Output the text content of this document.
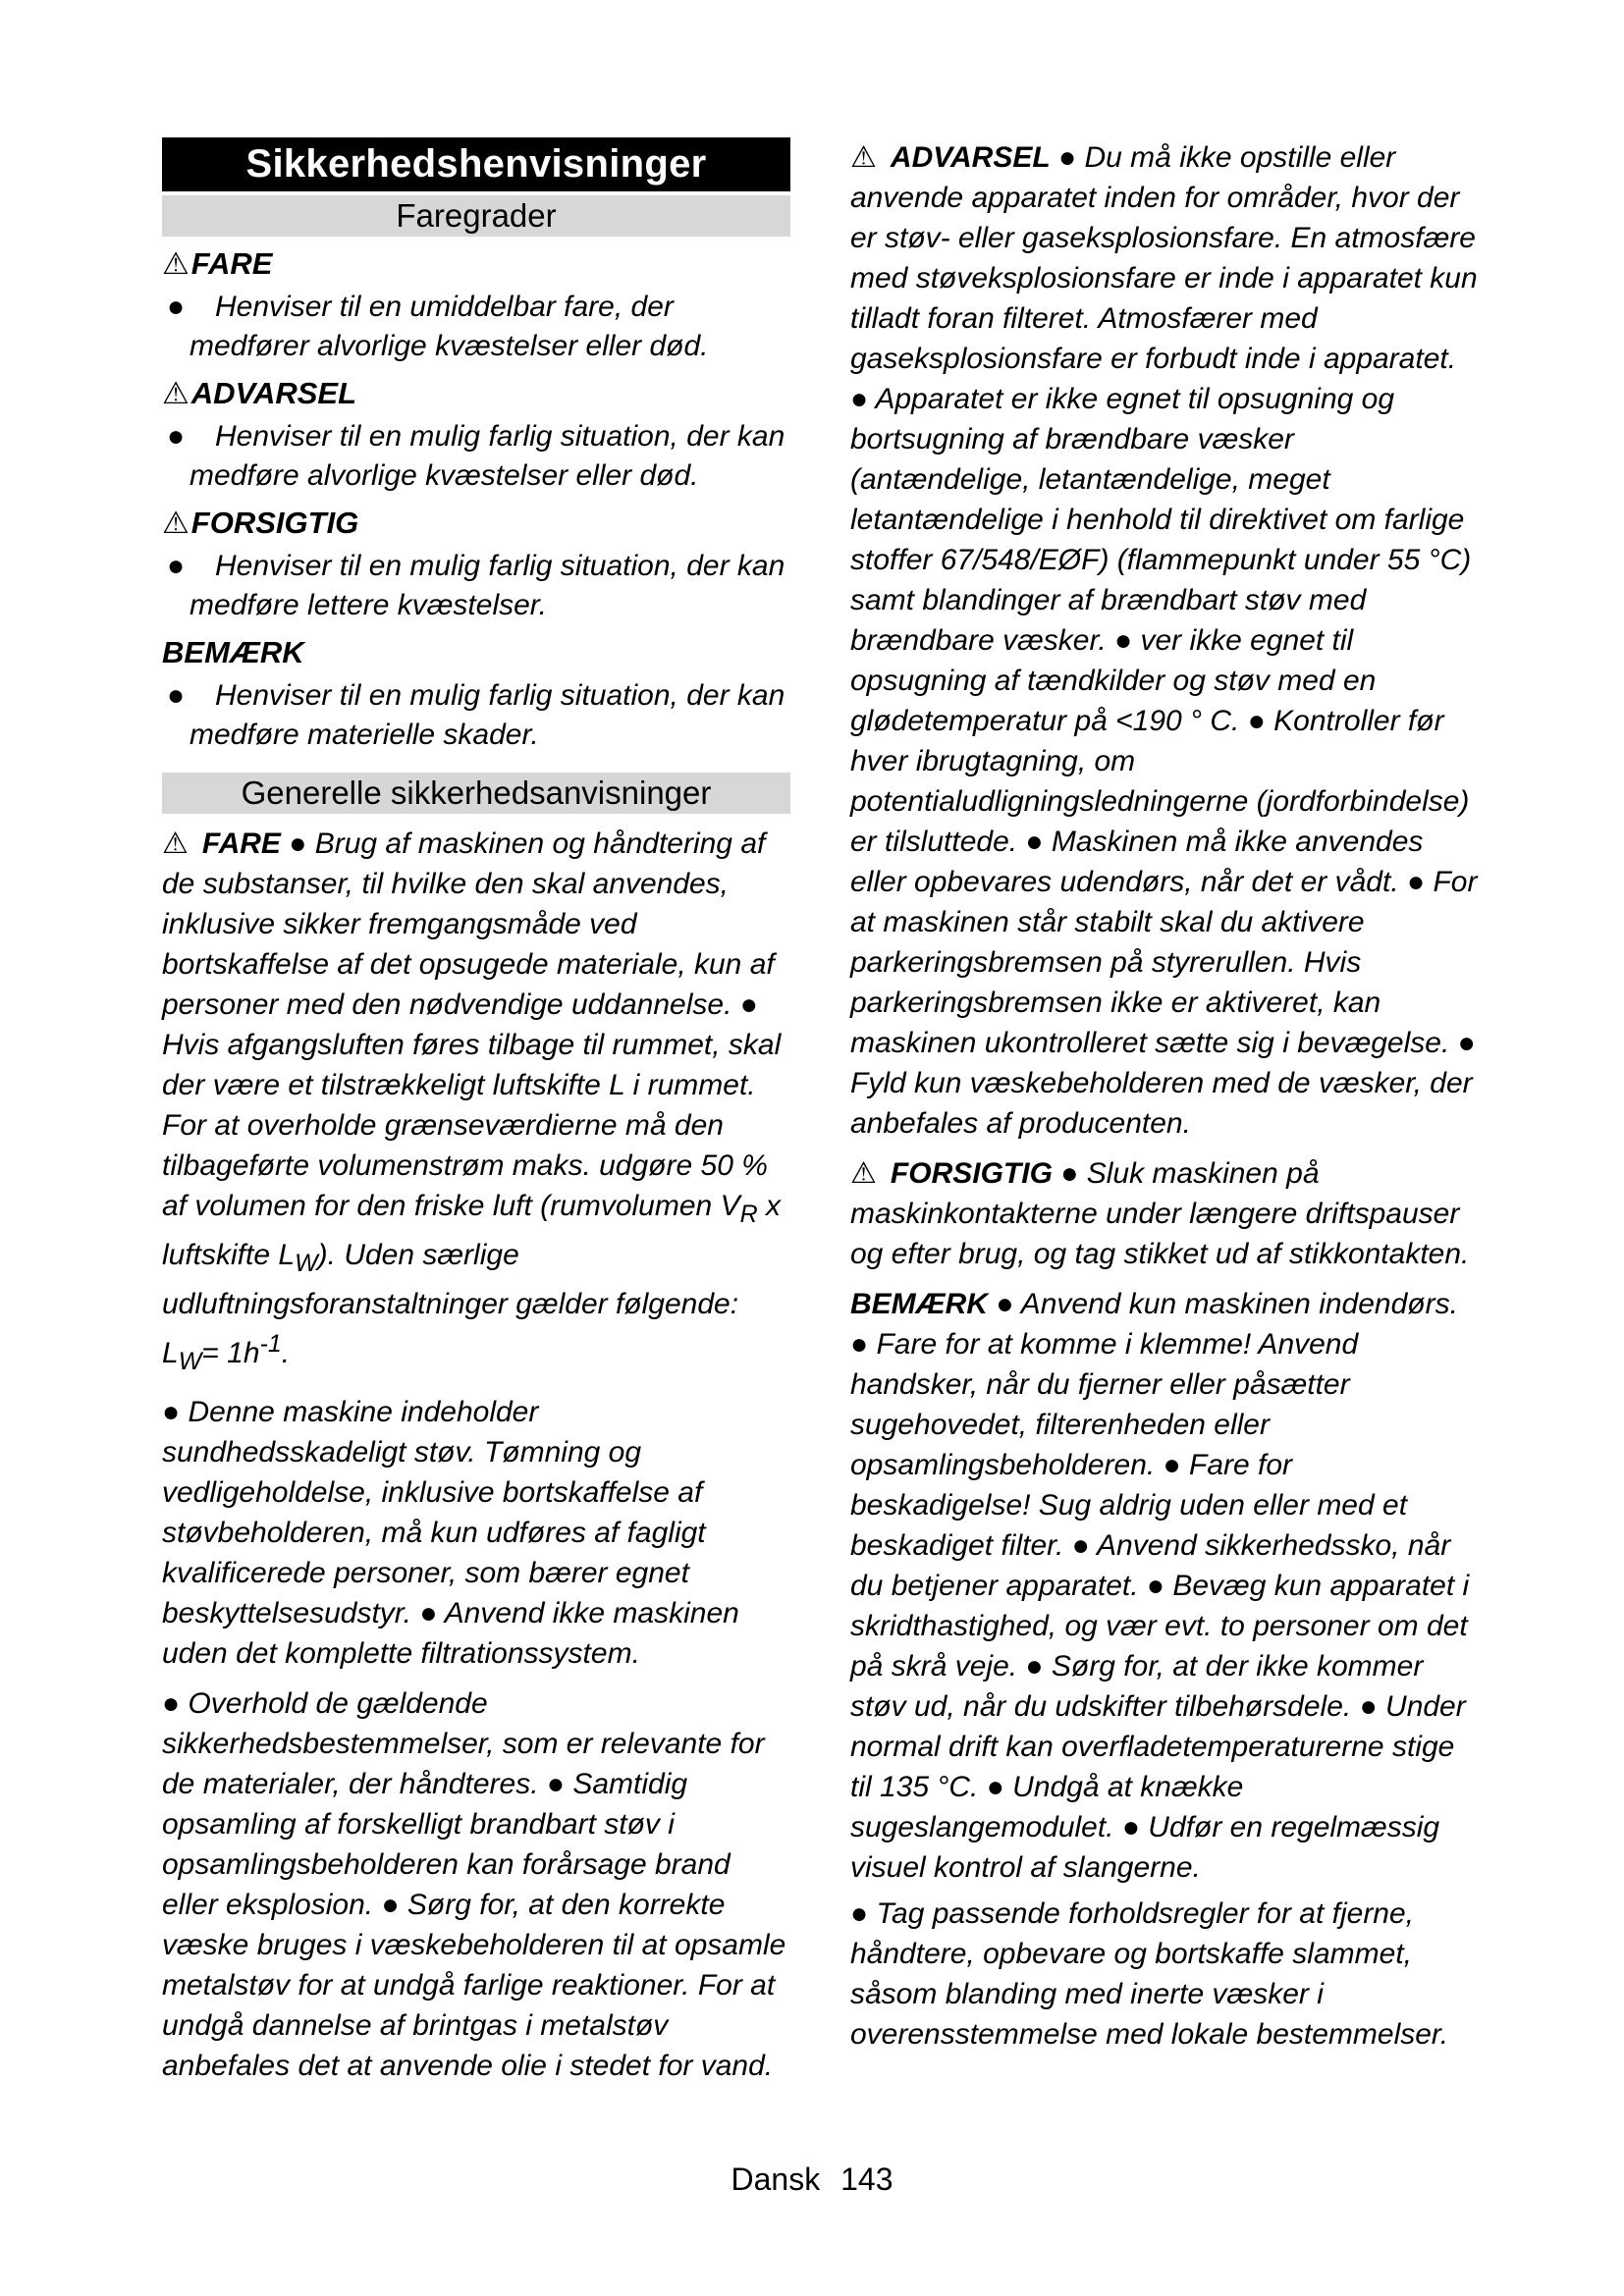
Sikkerhedshenvisninger
Faregrader
⚠FARE
● Henviser til en umiddelbar fare, der medfører alvorlige kvæstelser eller død.
⚠ADVARSEL
● Henviser til en mulig farlig situation, der kan medføre alvorlige kvæstelser eller død.
⚠FORSIGTIG
● Henviser til en mulig farlig situation, der kan medføre lettere kvæstelser.
BEMÆRK
● Henviser til en mulig farlig situation, der kan medføre materielle skader.
Generelle sikkerhedsanvisninger
⚠ FARE ● Brug af maskinen og håndtering af de substanser, til hvilke den skal anvendes, inklusive sikker fremgangsmåde ved bortskaffelse af det opsugede materiale, kun af personer med den nødvendige uddannelse. ● Hvis afgangsluften føres tilbage til rummet, skal der være et tilstrækkeligt luftskifte L i rummet. For at overholde grænseværdierne må den tilbageførte volumenstrøm maks. udgøre 50 % af volumen for den friske luft (rumvolumen $V_R$ x luftskifte $L_W$). Uden særlige udluftningsforanstaltninger gælder følgende: $L_W= 1h^{-1}$.
● Denne maskine indeholder sundhedsskadeligt støv. Tømning og vedligeholdelse, inklusive bortskaffelse af støvbeholderen, må kun udføres af fagligt kvalificerede personer, som bærer egnet beskyttelsesudstyr. ● Anvend ikke maskinen uden det komplette filtrationssystem.
● Overhold de gældende sikkerhedsbestemmelser, som er relevante for de materialer, der håndteres. ● Samtidig opsamling af forskelligt brandbart støv i opsamlingsbeholderen kan forårsage brand eller eksplosion. ● Sørg for, at den korrekte væske bruges i væskebeholderen til at opsamle metalstøv for at undgå farlige reaktioner. For at undgå dannelse af brintgas i metalstøv anbefales det at anvende olie i stedet for vand.
⚠ ADVARSEL ● Du må ikke opstille eller anvende apparatet inden for områder, hvor der er støv- eller gaseksplosionsfare. En atmosfære med støveksplosionsfare er inde i apparatet kun tilladt foran filteret. Atmosfærer med gaseksplosionsfare er forbudt inde i apparatet. ● Apparatet er ikke egnet til opsugning og bortsugning af brændbare væsker (antændelige, letantændelige, meget letantændelige i henhold til direktivet om farlige stoffer 67/548/EØF) (flammepunkt under 55 °C) samt blandinger af brændbart støv med brændbare væsker. ● ver ikke egnet til opsugning af tændkilder og støv med en glødetemperatur på <190 ° C. ● Kontroller før hver ibrugtagning, om potentialudligningsledningerne (jordforbindelse) er tilsluttede. ● Maskinen må ikke anvendes eller opbevares udendørs, når det er vådt. ● For at maskinen står stabilt skal du aktivere parkeringsbremsen på styrerullen. Hvis parkeringsbremsen ikke er aktiveret, kan maskinen ukontrolleret sætte sig i bevægelse. ● Fyld kun væskebeholderen med de væsker, der anbefales af producenten.
⚠ FORSIGTIG ● Sluk maskinen på maskinkontakterne under længere driftspauser og efter brug, og tag stikket ud af stikkontakten.
BEMÆRK ● Anvend kun maskinen indendørs. ● Fare for at komme i klemme! Anvend handsker, når du fjerner eller påsætter sugehovedet, filterenheden eller opsamlingsbeholderen. ● Fare for beskadigelse! Sug aldrig uden eller med et beskadiget filter. ● Anvend sikkerhedssko, når du betjener apparatet. ● Bevæg kun apparatet i skridthastighed, og vær evt. to personer om det på skrå veje. ● Sørg for, at der ikke kommer støv ud, når du udskifter tilbehørsdele. ● Under normal drift kan overfladetemperaturerne stige til 135 °C. ● Undgå at knække sugeslangemodulet. ● Udfør en regelmæssig visuel kontrol af slangerne.
● Tag passende forholdsregler for at fjerne, håndtere, opbevare og bortskaffe slammet, såsom blanding med inerte væsker i overensstemmelse med lokale bestemmelser.
Dansk 143
